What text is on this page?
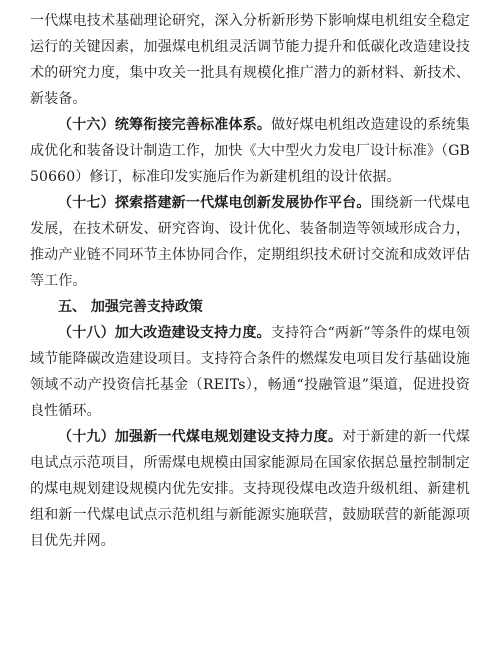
一代煤电技术基础理论研究，深入分析新形势下影响煤电机组安全稳定运行的关键因素，加强煤电机组灵活调节能力提升和低碳化改造建设技术的研究力度，集中攻关一批具有规模化推广潜力的新材料、新技术、新装备。

（十六）统筹衔接完善标准体系。做好煤电机组改造建设的系统集成优化和装备设计制造工作，加快《大中型火力发电厂设计标准》（GB 50660）修订，标准印发实施后作为新建机组的设计依据。

（十七）探索搭建新一代煤电创新发展协作平台。围绕新一代煤电发展，在技术研发、研究咨询、设计优化、装备制造等领域形成合力，推动产业链不同环节主体协同合作，定期组织技术研讨交流和成效评估等工作。

五、 加强完善支持政策

（十八）加大改造建设支持力度。支持符合“两新”等条件的煤电领域节能降碳改造建设项目。支持符合条件的燃煤发电项目发行基础设施领域不动产投资信托基金（REITs），畅通“投融管退”渠道，促进投资良性循环。

（十九）加强新一代煤电规划建设支持力度。对于新建的新一代煤电试点示范项目，所需煤电规模由国家能源局在国家依据总量控制制定的煤电规划建设规模内优先安排。支持现役煤电改造升级机组、新建机组和新一代煤电试点示范机组与新能源实施联营，鼓励联营的新能源项目优先并网。
